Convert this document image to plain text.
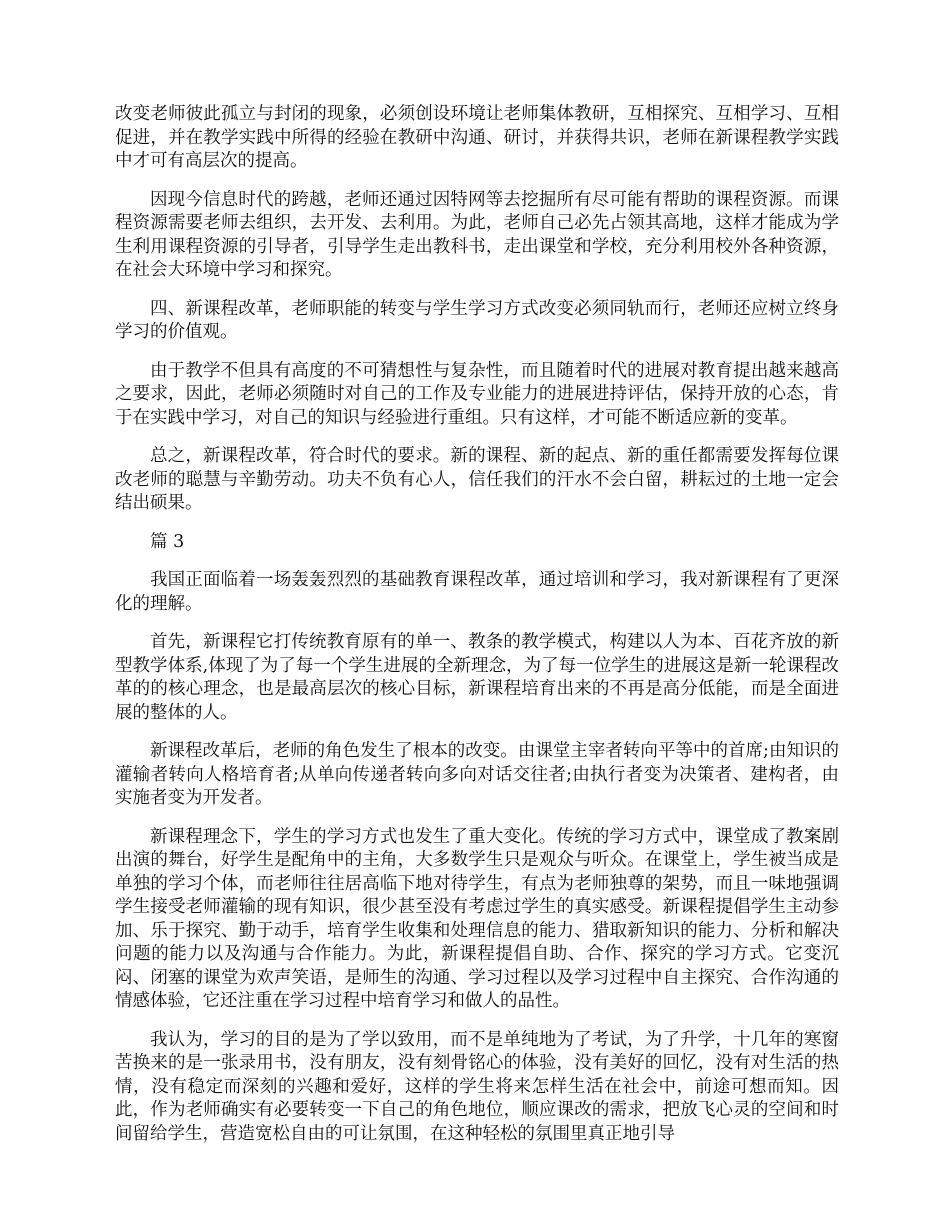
改变老师彼此孤立与封闭的现象，必须创设环境让老师集体教研，互相探究、互相学习、互相促进，并在教学实践中所得的经验在教研中沟通、研讨，并获得共识，老师在新课程教学实践中才可有高层次的提高。

因现今信息时代的跨越，老师还通过因特网等去挖掘所有尽可能有帮助的课程资源。而课程资源需要老师去组织，去开发、去利用。为此，老师自己必先占领其高地，这样才能成为学生利用课程资源的引导者，引导学生走出教科书，走出课堂和学校，充分利用校外各种资源，在社会大环境中学习和探究。

四、新课程改革，老师职能的转变与学生学习方式改变必须同轨而行，老师还应树立终身学习的价值观。

由于教学不但具有高度的不可猜想性与复杂性，而且随着时代的进展对教育提出越来越高之要求，因此，老师必须随时对自己的工作及专业能力的进展进持评估，保持开放的心态，肯于在实践中学习，对自己的知识与经验进行重组。只有这样，才可能不断适应新的变革。

总之，新课程改革，符合时代的要求。新的课程、新的起点、新的重任都需要发挥每位课改老师的聪慧与辛勤劳动。功夫不负有心人，信任我们的汗水不会白留，耕耘过的土地一定会结出硕果。

篇 3

我国正面临着一场轰轰烈烈的基础教育课程改革，通过培训和学习，我对新课程有了更深化的理解。

首先，新课程它打传统教育原有的单一、教条的教学模式，构建以人为本、百花齐放的新型教学体系,体现了为了每一个学生进展的全新理念，为了每一位学生的进展这是新一轮课程改革的的核心理念，也是最高层次的核心目标，新课程培育出来的不再是高分低能，而是全面进展的整体的人。

新课程改革后，老师的角色发生了根本的改变。由课堂主宰者转向平等中的首席;由知识的灌输者转向人格培育者;从单向传递者转向多向对话交往者;由执行者变为决策者、建构者，由实施者变为开发者。

新课程理念下，学生的学习方式也发生了重大变化。传统的学习方式中，课堂成了教案剧出演的舞台，好学生是配角中的主角，大多数学生只是观众与听众。在课堂上，学生被当成是单独的学习个体，而老师往往居高临下地对待学生，有点为老师独尊的架势，而且一味地强调学生接受老师灌输的现有知识，很少甚至没有考虑过学生的真实感受。新课程提倡学生主动参加、乐于探究、勤于动手，培育学生收集和处理信息的能力、猎取新知识的能力、分析和解决问题的能力以及沟通与合作能力。为此，新课程提倡自助、合作、探究的学习方式。它变沉闷、闭塞的课堂为欢声笑语，是师生的沟通、学习过程以及学习过程中自主探究、合作沟通的情感体验，它还注重在学习过程中培育学习和做人的品性。

我认为，学习的目的是为了学以致用，而不是单纯地为了考试，为了升学，十几年的寒窗苦换来的是一张录用书，没有朋友，没有刻骨铭心的体验，没有美好的回忆，没有对生活的热情，没有稳定而深刻的兴趣和爱好，这样的学生将来怎样生活在社会中，前途可想而知。因此，作为老师确实有必要转变一下自己的角色地位，顺应课改的需求，把放飞心灵的空间和时间留给学生，营造宽松自由的可让氛围，在这种轻松的氛围里真正地引导
